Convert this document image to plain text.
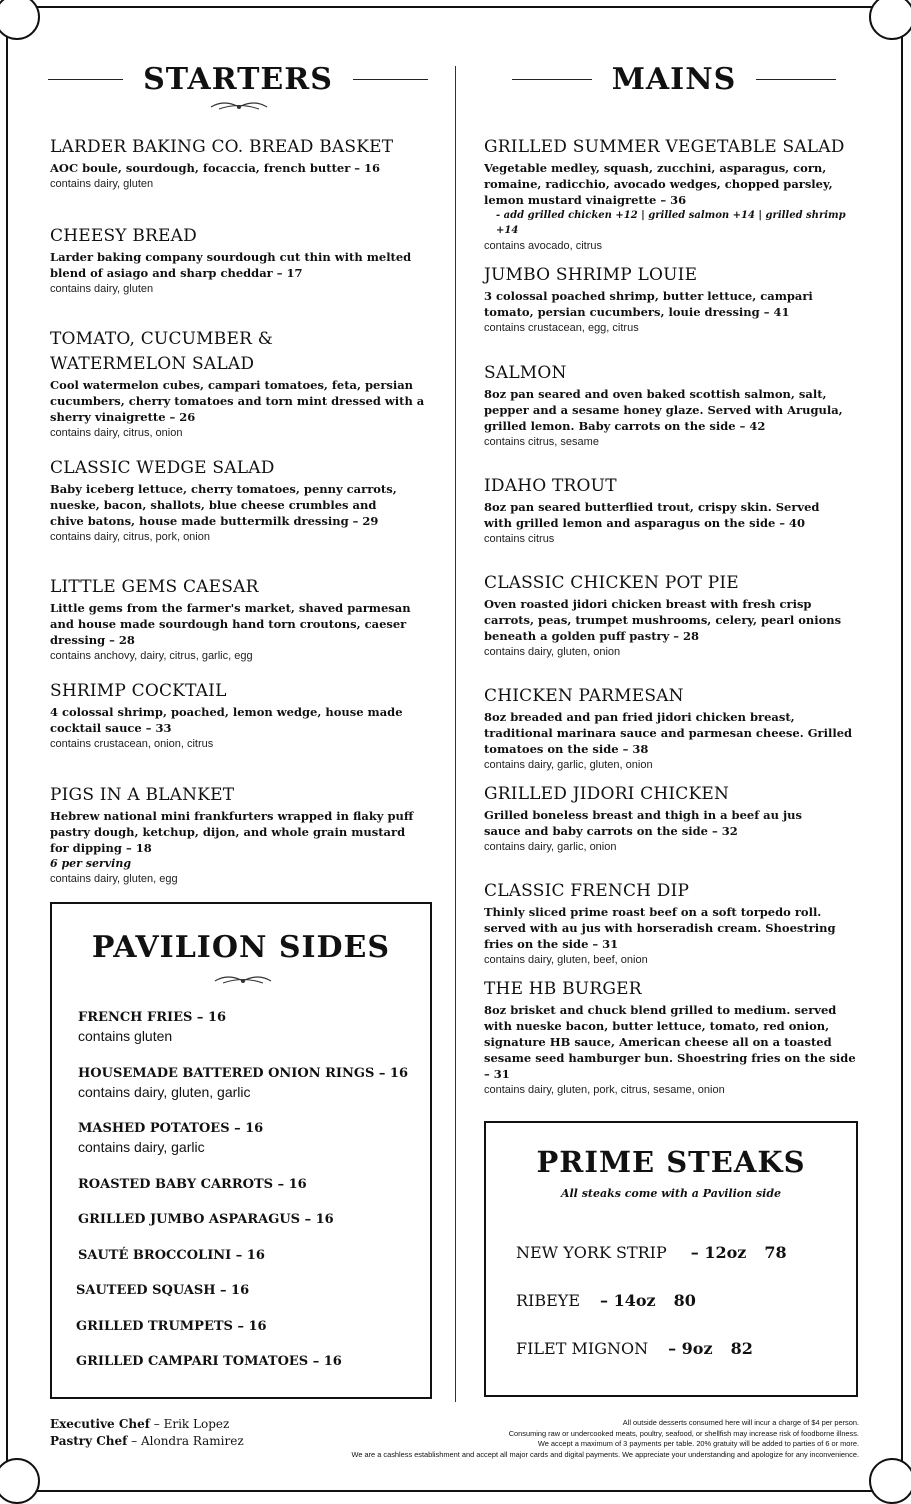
STARTERS	MAINS
LARDER BAKING CO. BREAD BASKET
AOC boule, sourdough, focaccia, french butter – 16
contains dairy, gluten
CHEESY BREAD
Larder baking company sourdough cut thin with melted blend of asiago and sharp cheddar – 17
contains dairy, gluten
TOMATO, CUCUMBER & WATERMELON SALAD
Cool watermelon cubes, campari tomatoes, feta, persian cucumbers, cherry tomatoes and torn mint dressed with a sherry vinaigrette – 26
contains dairy, citrus, onion
CLASSIC WEDGE SALAD
Baby iceberg lettuce, cherry tomatoes, penny carrots, nueske, bacon, shallots, blue cheese crumbles and chive batons, house made buttermilk dressing – 29
contains dairy, citrus, pork, onion
LITTLE GEMS CAESAR
Little gems from the farmer's market, shaved parmesan and house made sourdough hand torn croutons, caeser dressing – 28
contains anchovy, dairy, citrus, garlic, egg
SHRIMP COCKTAIL
4 colossal shrimp, poached, lemon wedge, house made cocktail sauce – 33
contains crustacean, onion, citrus
PIGS IN A BLANKET
Hebrew national mini frankfurters wrapped in flaky puff pastry dough, ketchup, dijon, and whole grain mustard for dipping – 18
6 per serving
contains dairy, gluten, egg
GRILLED SUMMER VEGETABLE SALAD
Vegetable medley, squash, zucchini, asparagus, corn, romaine, radicchio, avocado wedges, chopped parsley, lemon mustard vinaigrette – 36
- add grilled chicken +12 | grilled salmon +14 | grilled shrimp +14
contains avocado, citrus
JUMBO SHRIMP LOUIE
3 colossal poached shrimp, butter lettuce, campari tomato, persian cucumbers, louie dressing – 41
contains crustacean, egg, citrus
SALMON
8oz pan seared and oven baked scottish salmon, salt, pepper and a sesame honey glaze. Served with Arugula, grilled lemon. Baby carrots on the side – 42
contains citrus, sesame
IDAHO TROUT
8oz pan seared butterflied trout, crispy skin. Served with grilled lemon and asparagus on the side – 40
contains citrus
CLASSIC CHICKEN POT PIE
Oven roasted jidori chicken breast with fresh crisp carrots, peas, trumpet mushrooms, celery, pearl onions beneath a golden puff pastry – 28
contains dairy, gluten, onion
CHICKEN PARMESAN
8oz breaded and pan fried jidori chicken breast, traditional marinara sauce and parmesan cheese. Grilled tomatoes on the side – 38
contains dairy, garlic, gluten, onion
GRILLED JIDORI CHICKEN
Grilled boneless breast and thigh in a beef au jus sauce and baby carrots on the side – 32
contains dairy, garlic, onion
CLASSIC FRENCH DIP
Thinly sliced prime roast beef on a soft torpedo roll. served with au jus with horseradish cream. Shoestring fries on the side – 31
contains dairy, gluten, beef, onion
THE HB BURGER
8oz brisket and chuck blend grilled to medium. served with nueske bacon, butter lettuce, tomato, red onion, signature HB sauce, American cheese all on a toasted sesame seed hamburger bun. Shoestring fries on the side – 31
contains dairy, gluten, pork, citrus, sesame, onion
PAVILION SIDES
FRENCH FRIES – 16
contains gluten
HOUSEMADE BATTERED ONION RINGS – 16
contains dairy, gluten, garlic
MASHED POTATOES – 16
contains dairy, garlic
ROASTED BABY CARROTS – 16
GRILLED JUMBO ASPARAGUS – 16
SAUTÉ BROCCOLINI – 16
SAUTEED SQUASH – 16
GRILLED TRUMPETS – 16
GRILLED CAMPARI TOMATOES – 16
PRIME STEAKS
All steaks come with a Pavilion side
NEW YORK STRIP – 12oz 78
RIBEYE – 14oz 80
FILET MIGNON – 9oz 82
Executive Chef – Erik Lopez
Pastry Chef – Alondra Ramirez
All outside desserts consumed here will incur a charge of $4 per person.
Consuming raw or undercooked meats, poultry, seafood, or shellfish may increase risk of foodborne illness.
We accept a maximum of 3 payments per table. 20% gratuity will be added to parties of 6 or more.
We are a cashless establishment and accept all major cards and digital payments. We appreciate your understanding and apologize for any inconvenience.
